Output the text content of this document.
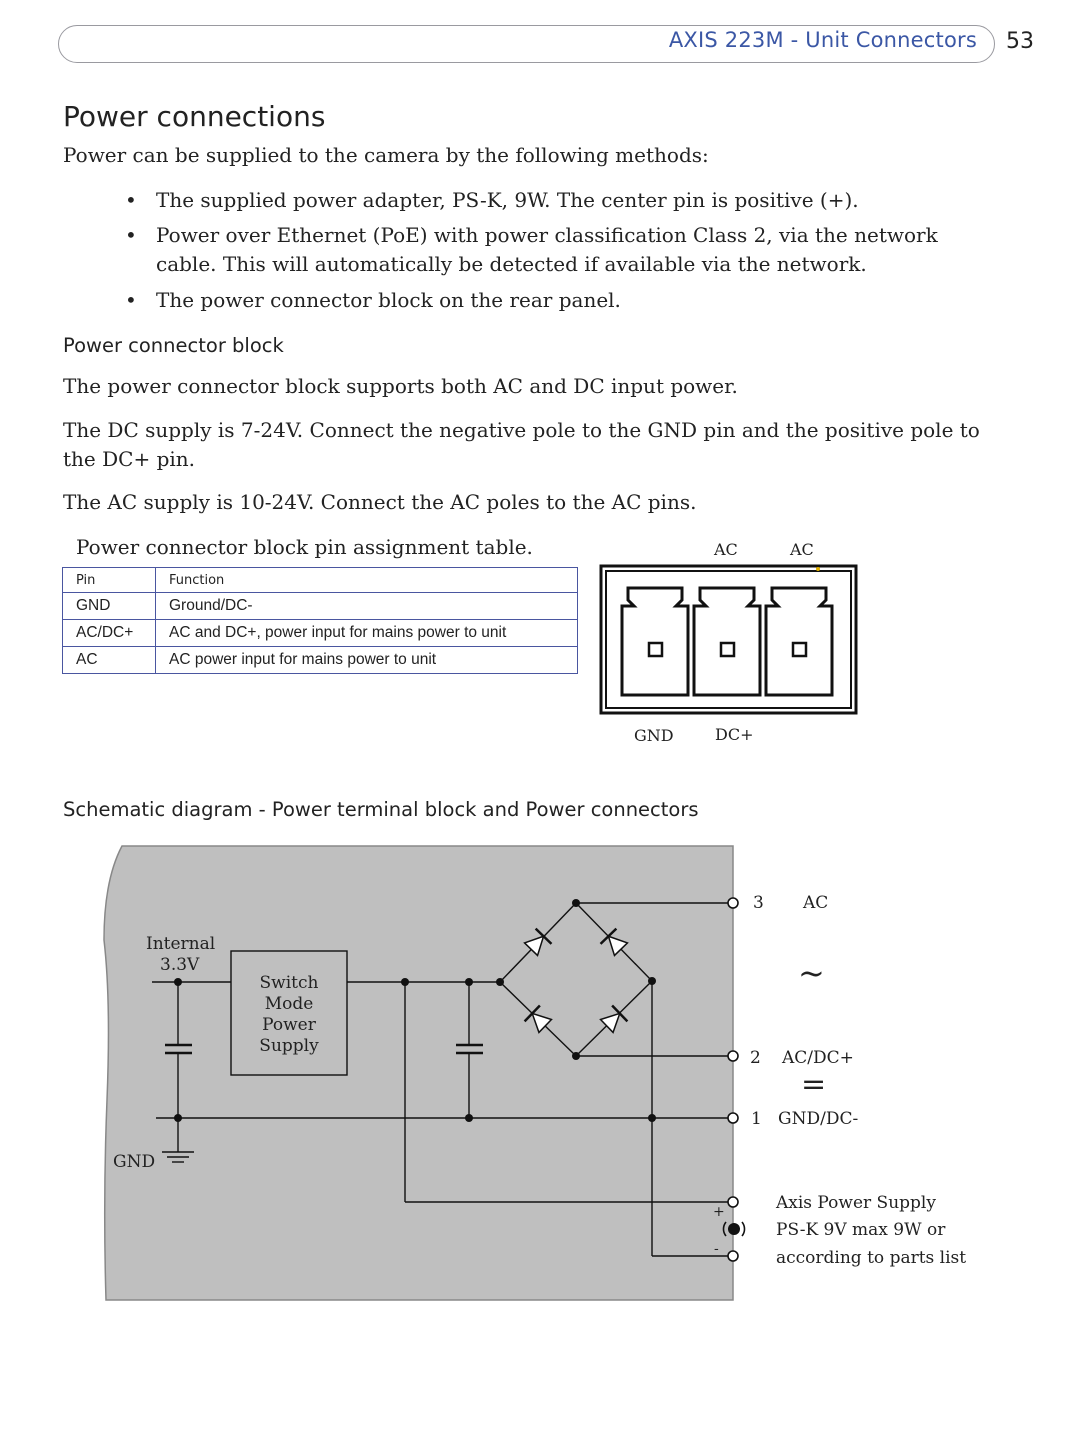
AXIS 223M - Unit Connectors 53
Power connections
Power can be supplied to the camera by the following methods:
• The supplied power adapter, PS-K, 9W. The center pin is positive (+).
• Power over Ethernet (PoE) with power classification Class 2, via the network cable. This will automatically be detected if available via the network.
• The power connector block on the rear panel.
Power connector block
The power connector block supports both AC and DC input power.
The DC supply is 7-24V. Connect the negative pole to the GND pin and the positive pole to the DC+ pin.
The AC supply is 10-24V. Connect the AC poles to the AC pins.
Power connector block pin assignment table.
Pin	Function
GND	Ground/DC-
AC/DC+	AC and DC+, power input for mains power to unit
AC	AC power input for mains power to unit
Schematic diagram - Power terminal block and Power connectors
AC	AC
GND	DC+
Switch
Mode
Power
Supply
Internal
3.3V
GND
3 AC
2 AC/DC+
1 GND/DC-
~
=
+
-
Axis Power Supply
PS-K 9V max 9W or
according to parts list
